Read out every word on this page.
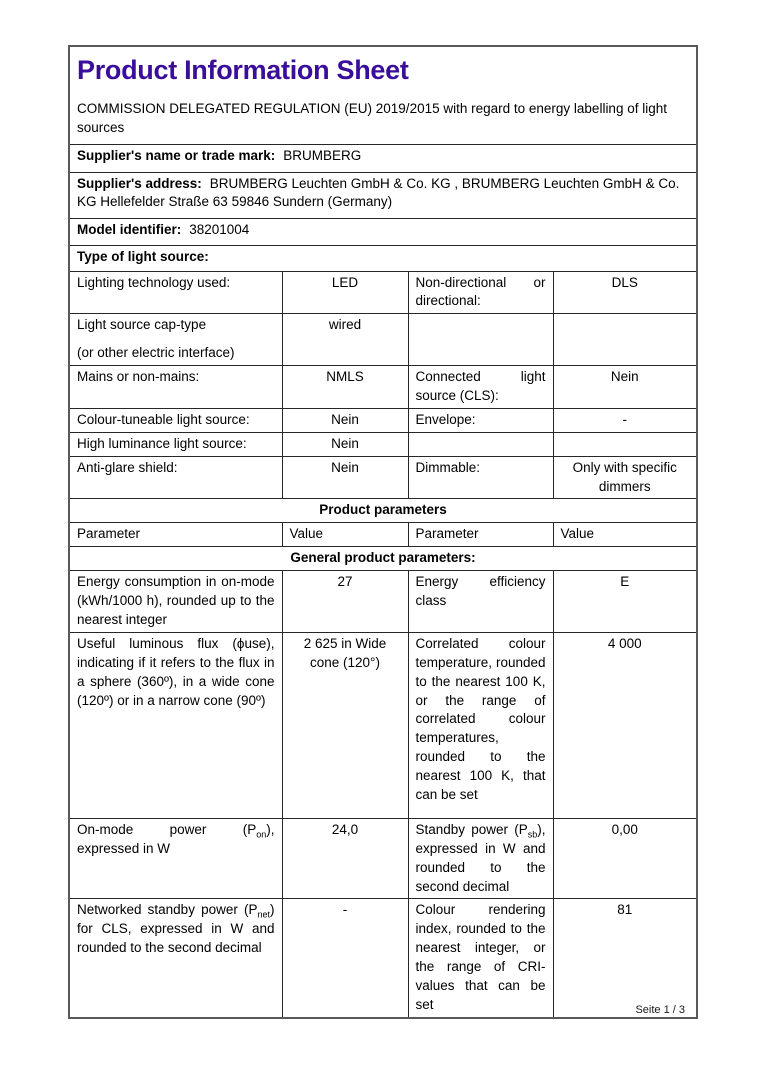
Product Information Sheet
COMMISSION DELEGATED REGULATION (EU) 2019/2015 with regard to energy labelling of light sources			

Supplier's name or trade mark: BRUMBERG			
Supplier's address: BRUMBERG Leuchten GmbH & Co. KG , BRUMBERG Leuchten GmbH & Co. KG Hellefelder Straße 63 59846 Sundern (Germany)			
Model identifier: 38201004			
Type of light source:			
Lighting technology used:	LED	Non-directional or directional:	DLS

Light source cap-type
(or other electric interface)	wired		
Mains or non-mains:	NMLS	Connected light source (CLS):	Nein
Colour-tuneable light source:	Nein	Envelope:	-
High luminance light source:	Nein		
Anti-glare shield:	Nein	Dimmable:	Only with specific dimmers
Product parameters			
Parameter	Value	Parameter	Value
General product parameters:			
Energy consumption in on-mode (kWh/1000 h), rounded up to the nearest integer	27	Energy efficiency class	E
Useful luminous flux (ϕuse), indicating if it refers to the flux in a sphere (360º), in a wide cone (120º) or in a narrow cone (90º)	2 625 in Wide cone (120°)	Correlated colour temperature, rounded to the nearest 100 K, or the range of correlated colour temperatures, rounded to the nearest 100 K, that can be set	4 000
On-mode power $(P_{on})$, expressed in W	24,0	Standby power $(P_{sb})$, expressed in W and rounded to the second decimal	0,00
Networked standby power $(P_{net})$ for CLS, expressed in W and rounded to the second decimal	-	Colour rendering index, rounded to the nearest integer, or the range of CRI-values that can be set	81
Seite 1 / 3
